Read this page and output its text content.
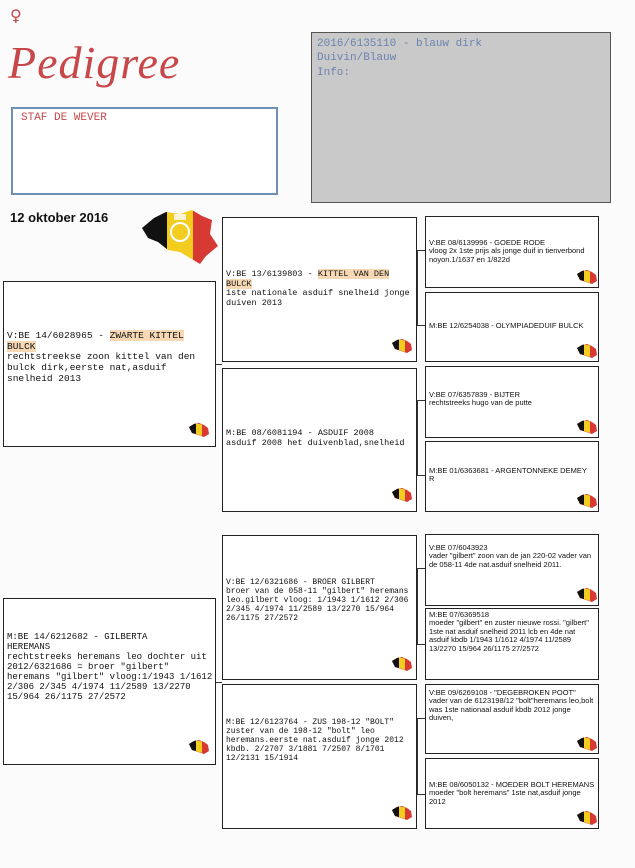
♀
Pedigree
STAF DE WEVER
2016/6135110 - blauw dirk
Duivin/Blauw
Info:
12 oktober 2016
V:BE 14/6028965 - ZWARTE KITTEL
BULCK
rechtstreekse zoon kittel van den bulck dirk,eerste nat,asduif snelheid 2013
V:BE 13/6139803 - KITTEL VAN DEN BULCK
1ste nationale asduif snelheid jonge duiven 2013
M:BE 08/6081194 - ASDUIF 2008
asduif 2008 het duivenblad,snelheid
V:BE 08/6139996 - GOEDE RODE
vloog 2x 1ste prijs als jonge duif in tienverbond noyon.1/1637 en 1/822d
M:BE 12/6254038 - OLYMPIADEDUIF BULCK
V:BE 07/6357839 - BIJTER
rechtstreeks hugo van de putte
M:BE 01/6363681 - ARGENTONNEKE DEMEY
R
M:BE 14/6212682 - GILBERTA
HEREMANS
rechtstreeks heremans leo dochter uit 2012/6321686 = broer "gilbert" heremans "gilbert" vloog:1/1943 1/1612 2/306 2/345 4/1974 11/2589 13/2270 15/964 26/1175 27/2572
V:BE 12/6321686 - BROER GILBERT
broer van de 058-11 "gilbert" heremans leo.gilbert vloog: 1/1943 1/1612 2/306 2/345 4/1974 11/2589 13/2270 15/964 26/1175 27/2572
M:BE 12/6123764 - ZUS 198-12 "BOLT"
zuster van de 198-12 "bolt" leo heremans.eerste nat.asduif jonge 2012 kbdb. 2/2707 3/1881 7/2507 8/1701 12/2131 15/1914
V:BE 07/6043923
vader "gilbert" zoon van de jan 220-02 vader van de 058-11 4de nat.asduif snelheid 2011.
M:BE 07/6369518
moeder "gilbert" en zuster nieuwe rossi. "gilbert" 1ste nat asduif snelheid 2011 lcb en 4de nat asduif kbdb 1/1943 1/1612 4/1974 11/2589 13/2270 15/964 26/1175 27/2572
V:BE 09/6269108 - "DEGEBROKEN POOT"
vader van de 6123198/12 "bolt"heremans leo,bolt was 1ste nationaal asduif kbdb 2012 jonge duiven,
M:BE 08/6050132 - MOEDER BOLT HEREMANS
moeder "bolt heremans" 1ste nat,asduif jonge 2012
